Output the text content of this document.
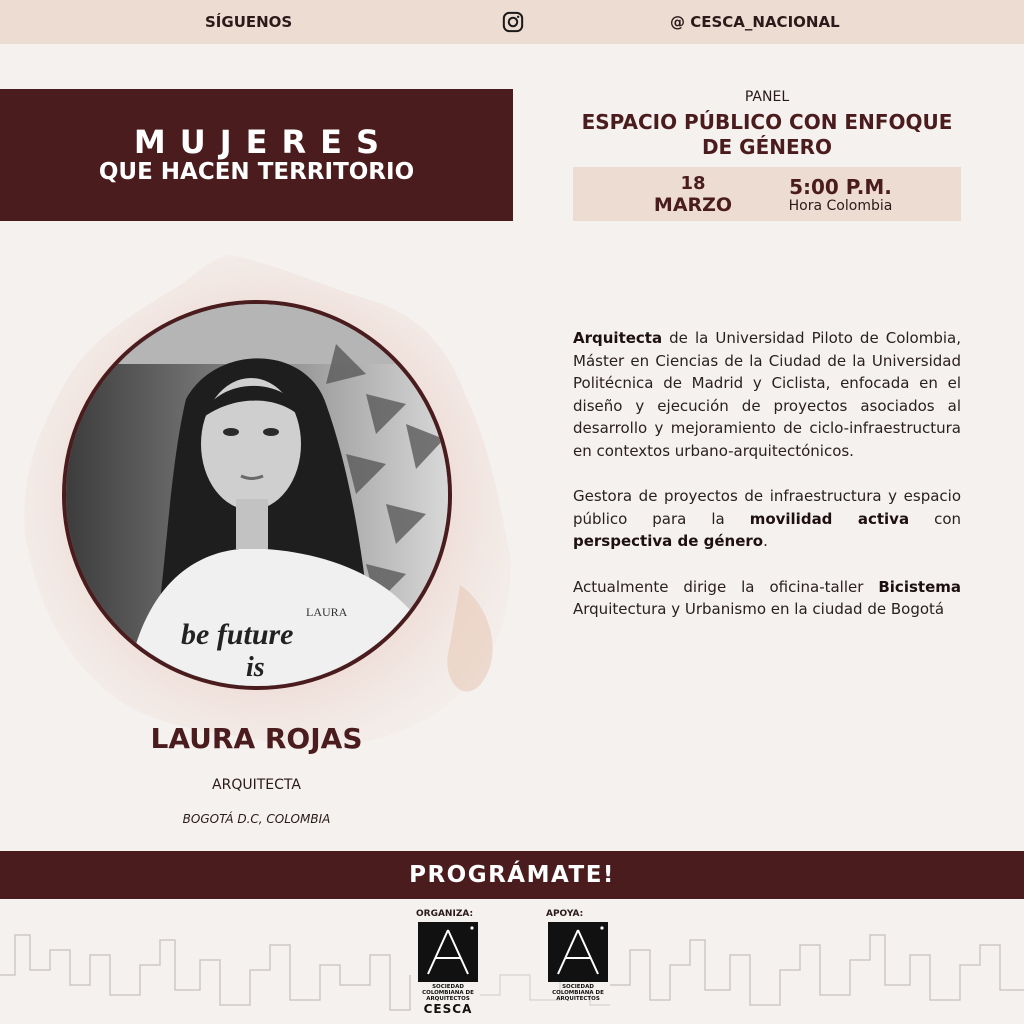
SÍGUENOS	@ CESCA_NACIONAL
MUJERES
QUE HACEN TERRITORIO
PANEL
ESPACIO PÚBLICO CON ENFOQUE DE GÉNERO
18
MARZO
5:00 P.M.
Hora Colombia
LAURA
be future
is
LAURA ROJAS
ARQUITECTA
BOGOTÁ D.C, COLOMBIA

Arquitecta de la Universidad Piloto de Colombia, Máster en Ciencias de la Ciudad de la Universidad Politécnica de Madrid y Ciclista, enfocada en el diseño y ejecución de proyectos asociados al desarrollo y mejoramiento de ciclo-infraestructura en contextos urbano-arquitectónicos.

Gestora de proyectos de infraestructura y espacio público para la movilidad activa con perspectiva de género.

Actualmente dirige la oficina-taller Bicistema Arquitectura y Urbanismo en la ciudad de Bogotá

PROGRÁMATE!
ORGANIZA:
SOCIEDAD COLOMBIANA DE ARQUITECTOS
CESCA
APOYA:
SOCIEDAD COLOMBIANA DE ARQUITECTOS
